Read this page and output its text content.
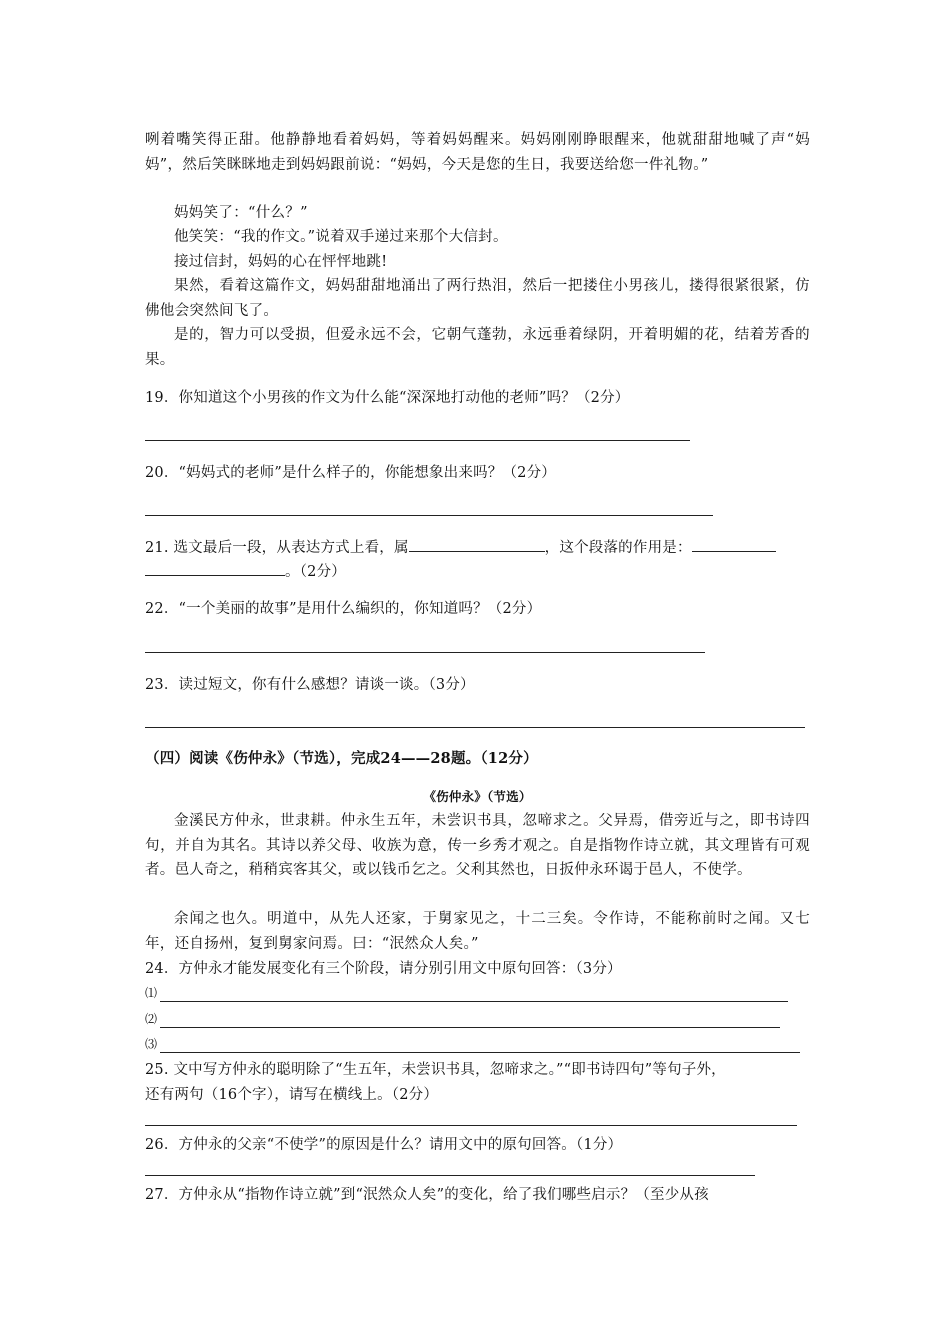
咧着嘴笑得正甜。他静静地看着妈妈，等着妈妈醒来。妈妈刚刚睁眼醒来，他就甜甜地喊了声“妈妈”，然后笑眯眯地走到妈妈跟前说：“妈妈，今天是您的生日，我要送给您一件礼物。”

妈妈笑了：“什么？”

他笑笑：“我的作文。”说着双手递过来那个大信封。

接过信封，妈妈的心在怦怦地跳!

果然，看着这篇作文，妈妈甜甜地涌出了两行热泪，然后一把搂住小男孩儿，搂得很紧很紧，仿佛他会突然间飞了。

是的，智力可以受损，但爱永远不会，它朝气蓬勃，永远垂着绿阴，开着明媚的花，结着芳香的果。

19．你知道这个小男孩的作文为什么能“深深地打动他的老师”吗？（2分）

20．“妈妈式的老师”是什么样子的，你能想象出来吗？（2分）

21. 选文最后一段，从表达方式上看，属	，这个段落的作用是：

。（2分）

22．“一个美丽的故事”是用什么编织的，你知道吗？（2分）

23．读过短文，你有什么感想？请谈一谈。（3分）

（四）阅读《伤仲永》（节选），完成24——28题。（12分）

《伤仲永》（节选）

金溪民方仲永，世隶耕。仲永生五年，未尝识书具，忽啼求之。父异焉，借旁近与之，即书诗四句，并自为其名。其诗以养父母、收族为意，传一乡秀才观之。自是指物作诗立就，其文理皆有可观者。邑人奇之，稍稍宾客其父，或以钱币乞之。父利其然也，日扳仲永环谒于邑人，不使学。

余闻之也久。明道中，从先人还家，于舅家见之，十二三矣。令作诗，不能称前时之闻。又七年，还自扬州，复到舅家问焉。曰：“泯然众人矣。”

24．方仲永才能发展变化有三个阶段，请分别引用文中原句回答：（3分）

⑴
⑵
⑶

25. 文中写方仲永的聪明除了“生五年，未尝识书具，忽啼求之。”“即书诗四句”等句子外，

还有两句（16个字），请写在横线上。（2分）

26．方仲永的父亲“不使学”的原因是什么？请用文中的原句回答。（1分）

27．方仲永从“指物作诗立就”到“泯然众人矣”的变化，给了我们哪些启示？（至少从孩
